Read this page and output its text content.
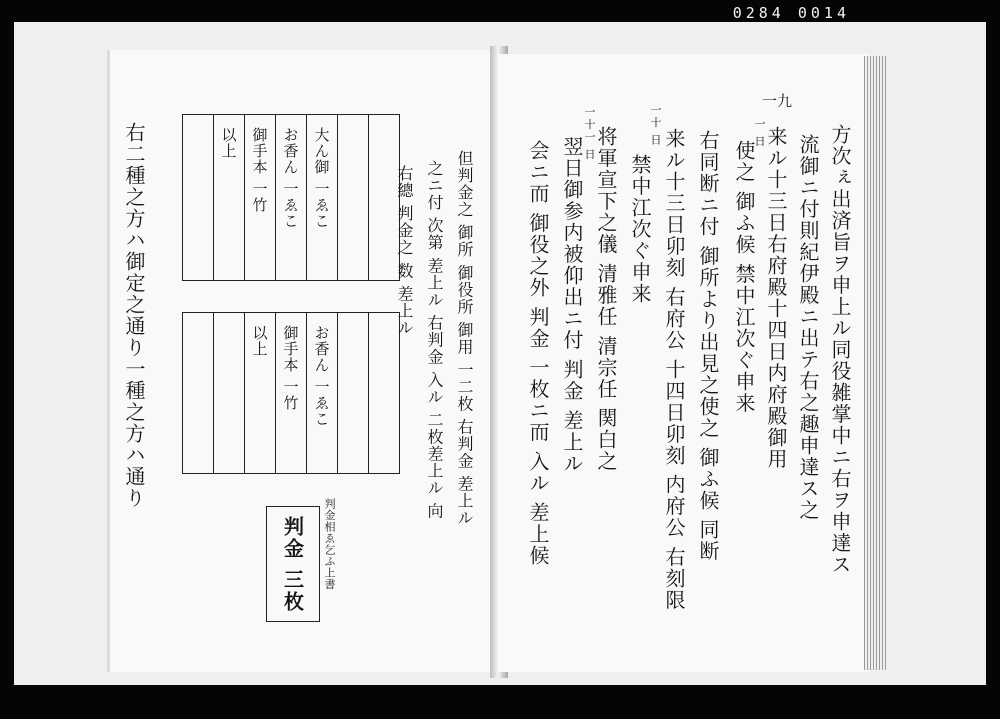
0284 0014
右二種之方ハ御定之通り一種之方ハ通り
		以上	御手本 一竹	お香ん 一ゑこ	大ん御 一ゑこ

以上	御手本 一竹	お香ん 一ゑこ
			但判金之 御所 御役所 御用 一二枚 右判金 差上ル
之ニ付 次第 差上ル 右判金 入ル 二枚差上ル 向
右總 判金之 数 差上ル
判金相ゑ乞ふ上書
判金 三枚
一九
方次ぇ出済旨ヲ申上ル同役雑掌中ニ右ヲ申達ス
流御ニ付則紀伊殿ニ出テ右之趣申達ス之
来ル十三日右府殿十四日内府殿御用
使之 御ふ候 禁中江次ぐ申来
右同断ニ付 御所より出見之使之 御ふ候 同断
来ル十三日卯刻 右府公 十四日卯刻 内府公 右刻限
禁中江次ぐ申来
将軍宣下之儀 清雅任 清宗任 関白之
翌日御参内被仰出ニ付 判金 差上ル
会ニ而 御役之外 判金 一枚ニ而 入ル 差上候
一 日
一十 日
一十一 日
